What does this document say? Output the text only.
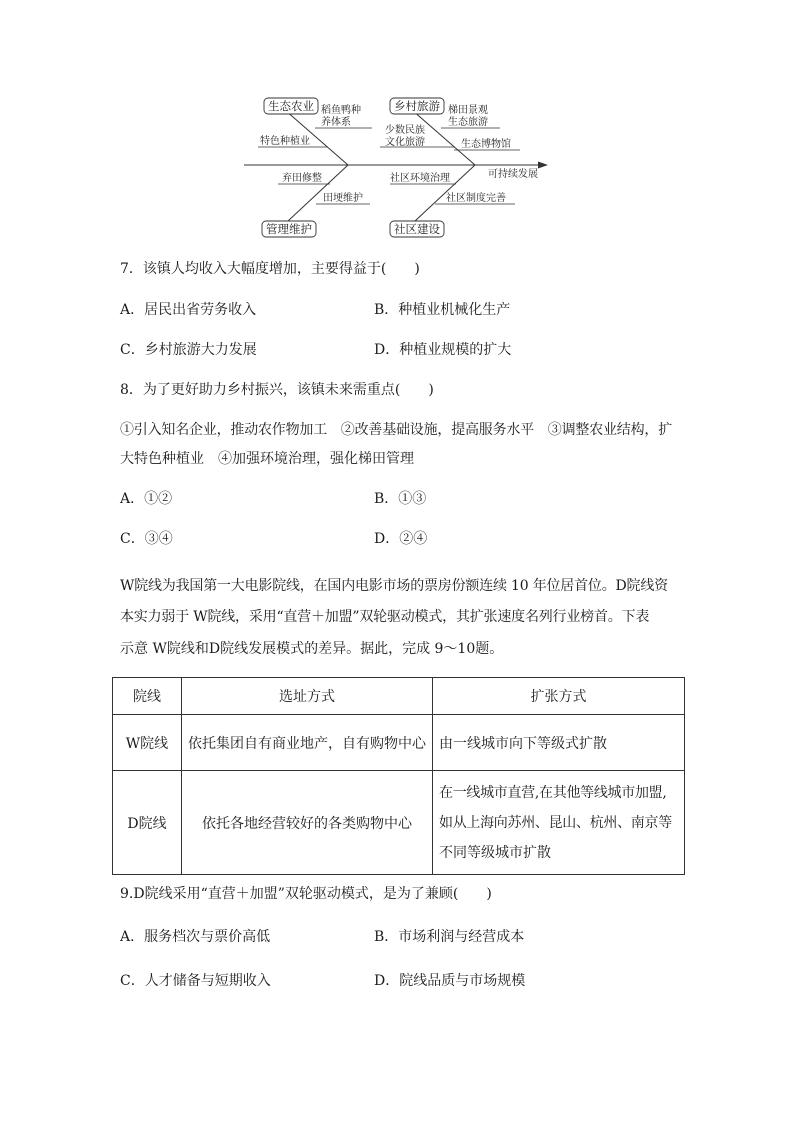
生态农业	乡村旅游
管理维护	社区建设
稻鱼鸭种
养体系
特色种植业
梯田景观
生态旅游
少数民族
文化旅游	生态博物馆
可持续发展
弃田修整
田埂维护
社区环境治理
社区制度完善
7．该镇人均收入大幅度增加，主要得益于(　　)
A．居民出省劳务收入	B．种植业机械化生产
C．乡村旅游大力发展	D．种植业规模的扩大
8．为了更好助力乡村振兴，该镇未来需重点(　　)
①引入知名企业，推动农作物加工　②改善基础设施，提高服务水平　③调整农业结构，扩
大特色种植业　④加强环境治理，强化梯田管理
A．①②	B．①③
C．③④	D．②④
W院线为我国第一大电影院线，在国内电影市场的票房份额连续 10 年位居首位。D院线资
本实力弱于 W院线，采用“直营＋加盟”双轮驱动模式，其扩张速度名列行业榜首。下表
示意 W院线和D院线发展模式的差异。据此，完成 9～10题。
院线	选址方式	扩张方式
W院线	依托集团自有商业地产，自有购物中心	由一线城市向下等级式扩散
D院线	依托各地经营较好的各类购物中心	在一线城市直营,在其他等线城市加盟,
如从上海向苏州、昆山、杭州、南京等
不同等级城市扩散
9.D院线采用“直营＋加盟”双轮驱动模式，是为了兼顾(　　)
A．服务档次与票价高低	B．市场利润与经营成本
C．人才储备与短期收入	D．院线品质与市场规模
